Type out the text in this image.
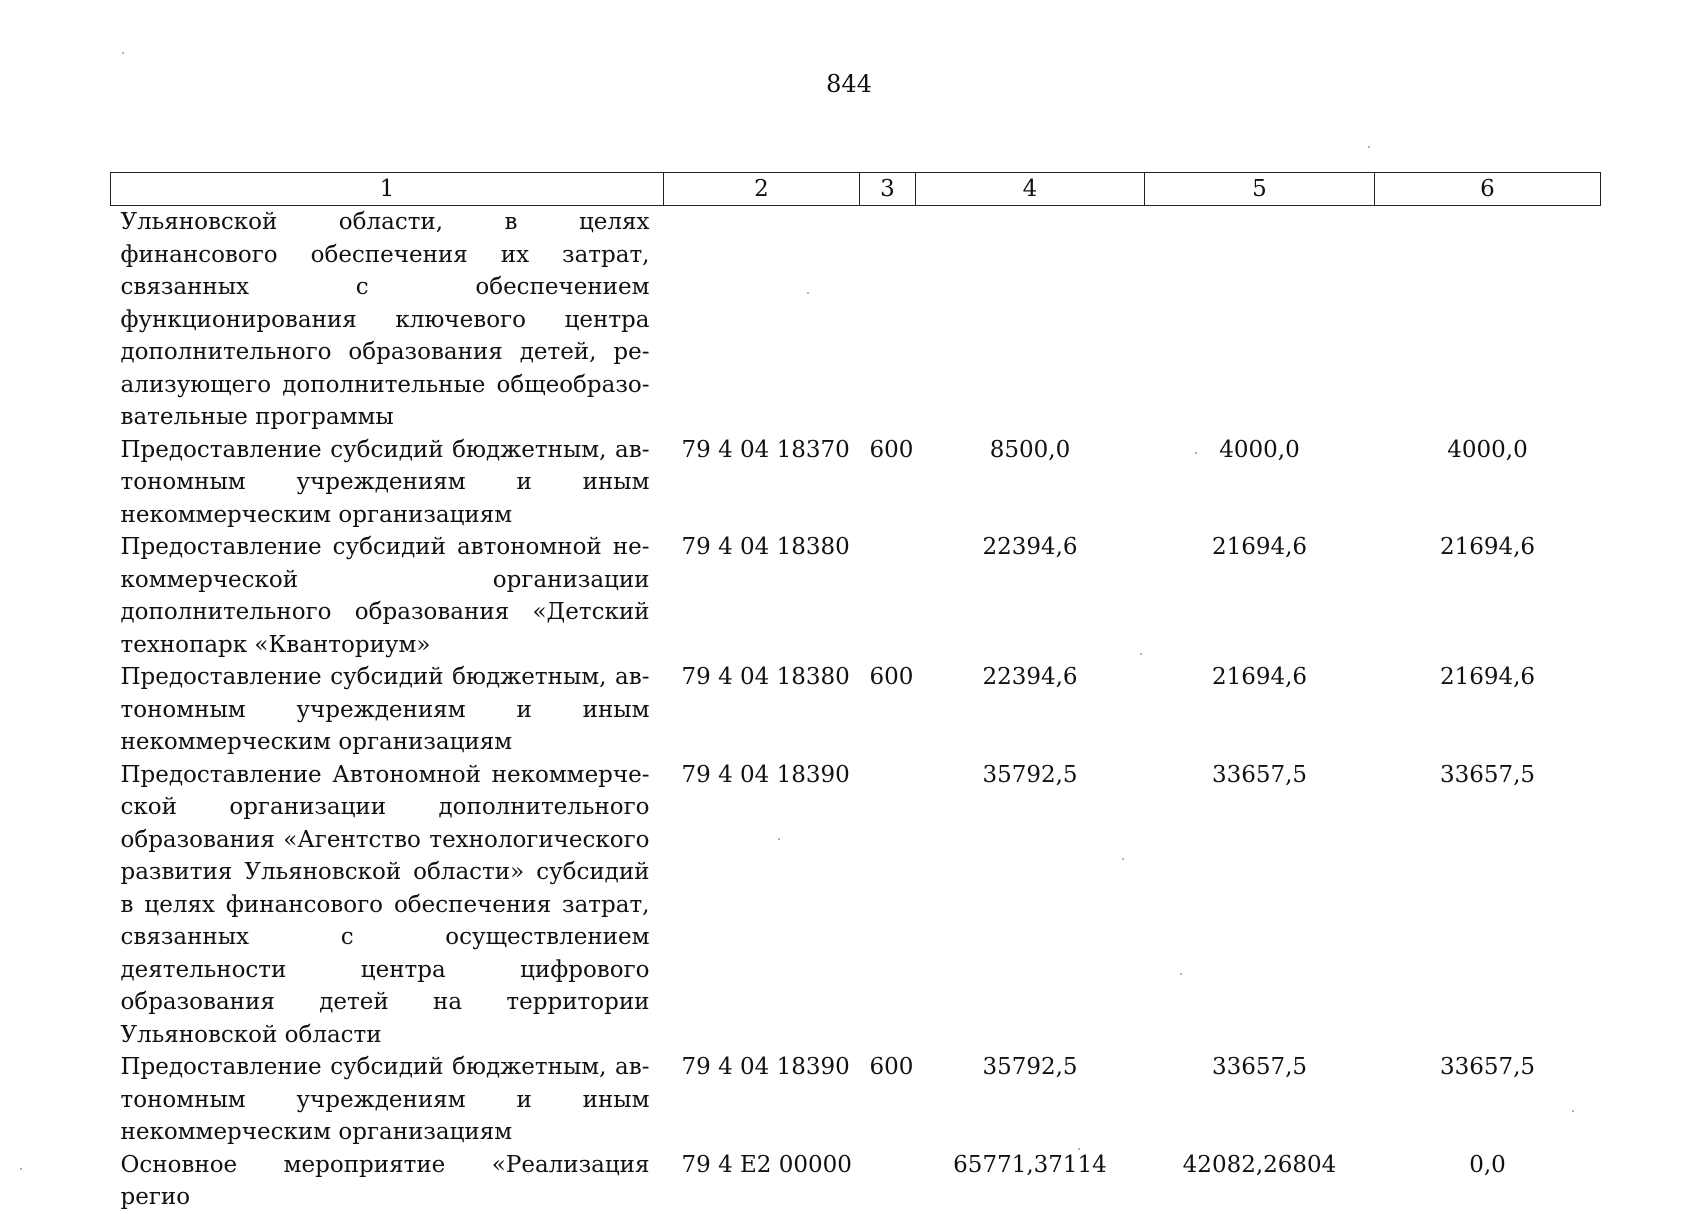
844
1	2	3	4	5	6
Ульяновской области, в целях финансового обеспечения их затрат, связанных с обеспечением функционирования ключевого центра дополнительного образования детей, реализующего дополнительные общеобразовательные программы					
Предоставление субсидий бюджетным, автономным учреждениям и иным некоммерческим организациям	79 4 04 18370	600	8500,0	4000,0	4000,0
Предоставление субсидий автономной некоммерческой организации дополнительного образования «Детский технопарк «Кванториум»	79 4 04 18380		22394,6	21694,6	21694,6
Предоставление субсидий бюджетным, автономным учреждениям и иным некоммерческим организациям	79 4 04 18380	600	22394,6	21694,6	21694,6
Предоставление Автономной некоммерческой организации дополнительного образования «Агентство технологического развития Ульяновской области» субсидий в целях финансового обеспечения затрат, связанных с осуществлением деятельности центра цифрового образования детей на территории Ульяновской области	79 4 04 18390		35792,5	33657,5	33657,5
Предоставление субсидий бюджетным, автономным учреждениям и иным некоммерческим организациям	79 4 04 18390	600	35792,5	33657,5	33657,5
Основное мероприятие «Реализация регио	79 4 E2 00000		65771,37114	42082,26804	0,0
